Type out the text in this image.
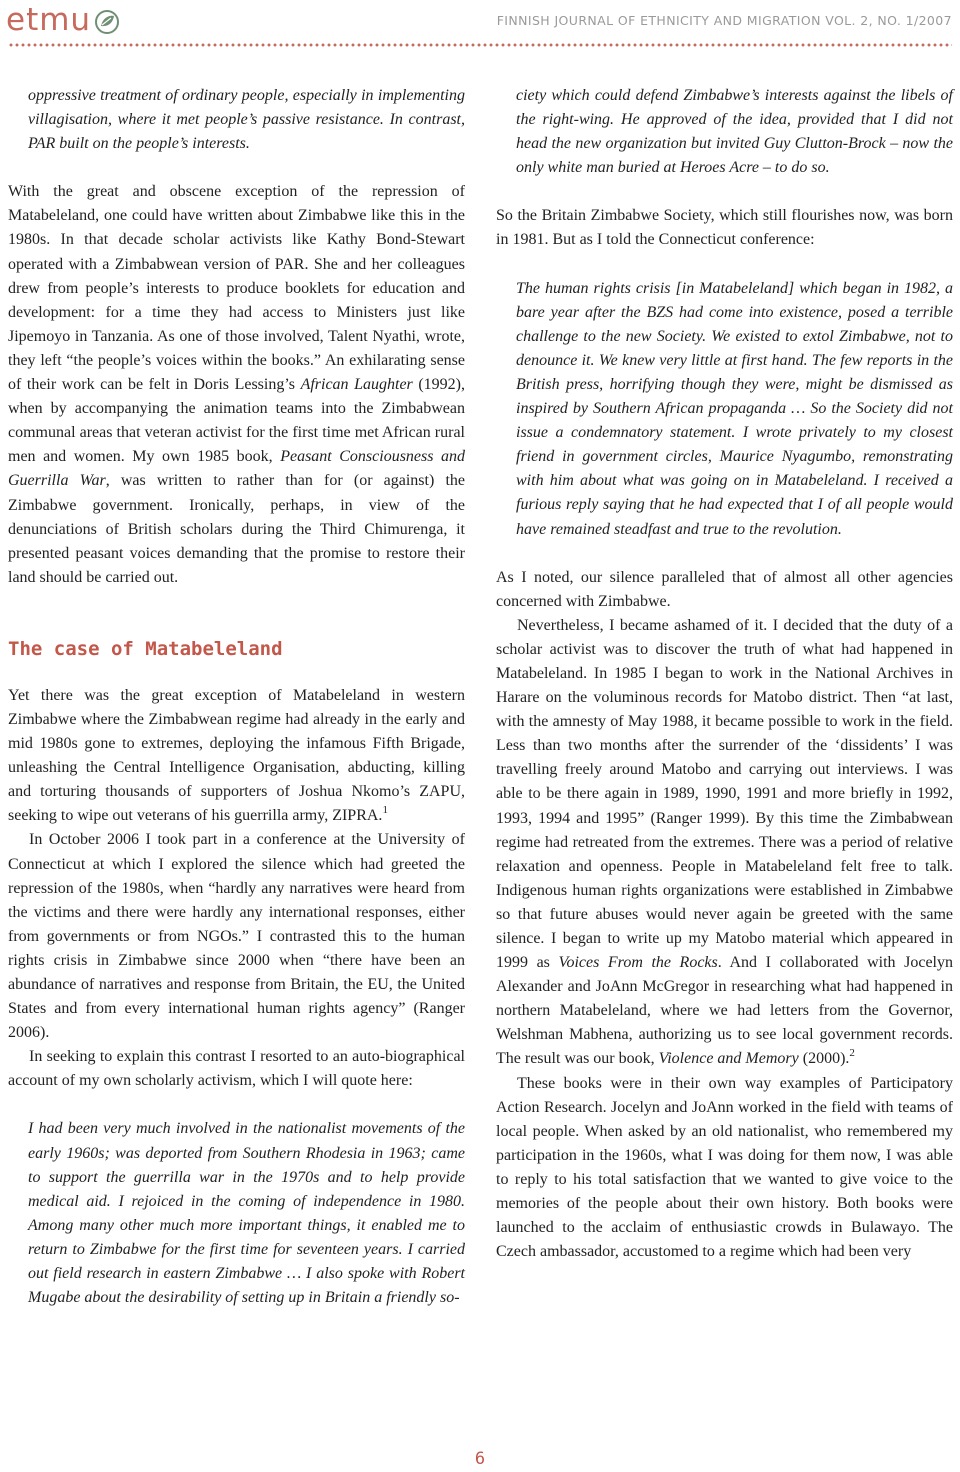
etmu	FINNISH JOURNAL OF ETHNICITY AND MIGRATION VOL. 2, NO. 1/2007

oppressive treatment of ordinary people, especially in implementing villagisation, where it met people’s passive resistance. In contrast, PAR built on the people’s interests.

With the great and obscene exception of the repression of Matabeleland, one could have written about Zimbabwe like this in the 1980s. In that decade scholar activists like Kathy Bond-Stewart operated with a Zimbabwean version of PAR. She and her colleagues drew from people’s interests to produce booklets for education and development: for a time they had access to Ministers just like Jipemoyo in Tanzania. As one of those involved, Talent Nyathi, wrote, they left “the people’s voices within the books.” An exhilarating sense of their work can be felt in Doris Lessing’s African Laughter (1992), when by accompanying the animation teams into the Zimbabwean communal areas that veteran activist for the first time met African rural men and women. My own 1985 book, Peasant Consciousness and Guerrilla War, was written to rather than for (or against) the Zimbabwe government. Ironically, perhaps, in view of the denunciations of British scholars during the Third Chimurenga, it presented peasant voices demanding that the promise to restore their land should be carried out.

The case of Matabeleland

Yet there was the great exception of Matabeleland in western Zimbabwe where the Zimbabwean regime had already in the early and mid 1980s gone to extremes, deploying the infamous Fifth Brigade, unleashing the Central Intelligence Organisation, abducting, killing and torturing thousands of supporters of Joshua Nkomo’s ZAPU, seeking to wipe out veterans of his guerrilla army, ZIPRA.$^1$

In October 2006 I took part in a conference at the University of Connecticut at which I explored the silence which had greeted the repression of the 1980s, when “hardly any narratives were heard from the victims and there were hardly any international responses, either from governments or from NGOs.” I contrasted this to the human rights crisis in Zimbabwe since 2000 when “there have been an abundance of narratives and response from Britain, the EU, the United States and from every international human rights agency” (Ranger 2006).

In seeking to explain this contrast I resorted to an auto-biographical account of my own scholarly activism, which I will quote here:

I had been very much involved in the nationalist movements of the early 1960s; was deported from Southern Rhodesia in 1963; came to support the guerrilla war in the 1970s and to help provide medical aid. I rejoiced in the coming of independence in 1980. Among many other much more important things, it enabled me to return to Zimbabwe for the first time for seventeen years. I carried out field research in eastern Zimbabwe … I also spoke with Robert Mugabe about the desirability of setting up in Britain a friendly so-

ciety which could defend Zimbabwe’s interests against the libels of the right-wing. He approved of the idea, provided that I did not head the new organization but invited Guy Clutton-Brock – now the only white man buried at Heroes Acre – to do so.

So the Britain Zimbabwe Society, which still flourishes now, was born in 1981. But as I told the Connecticut conference:

The human rights crisis [in Matabeleland] which began in 1982, a bare year after the BZS had come into existence, posed a terrible challenge to the new Society. We existed to extol Zimbabwe, not to denounce it. We knew very little at first hand. The few reports in the British press, horrifying though they were, might be dismissed as inspired by Southern African propaganda … So the Society did not issue a condemnatory statement. I wrote privately to my closest friend in government circles, Maurice Nyagumbo, remonstrating with him about what was going on in Matabeleland. I received a furious reply saying that he had expected that I of all people would have remained steadfast and true to the revolution.

As I noted, our silence paralleled that of almost all other agencies concerned with Zimbabwe.

Nevertheless, I became ashamed of it. I decided that the duty of a scholar activist was to discover the truth of what had happened in Matabeleland. In 1985 I began to work in the National Archives in Harare on the voluminous records for Matobo district. Then “at last, with the amnesty of May 1988, it became possible to work in the field. Less than two months after the surrender of the ‘dissidents’ I was travelling freely around Matobo and carrying out interviews. I was able to be there again in 1989, 1990, 1991 and more briefly in 1992, 1993, 1994 and 1995” (Ranger 1999). By this time the Zimbabwean regime had retreated from the extremes. There was a period of relative relaxation and openness. People in Matabeleland felt free to talk. Indigenous human rights organizations were established in Zimbabwe so that future abuses would never again be greeted with the same silence. I began to write up my Matobo material which appeared in 1999 as Voices From the Rocks. And I collaborated with Jocelyn Alexander and JoAnn McGregor in researching what had happened in northern Matabeleland, where we had letters from the Governor, Welshman Mabhena, authorizing us to see local government records. The result was our book, Violence and Memory (2000).$^2$

These books were in their own way examples of Participatory Action Research. Jocelyn and JoAnn worked in the field with teams of local people. When asked by an old nationalist, who remembered my participation in the 1960s, what I was doing for them now, I was able to reply to his total satisfaction that we wanted to give voice to the memories of the people about their own history. Both books were launched to the acclaim of enthusiastic crowds in Bulawayo. The Czech ambassador, accustomed to a regime which had been very

6
